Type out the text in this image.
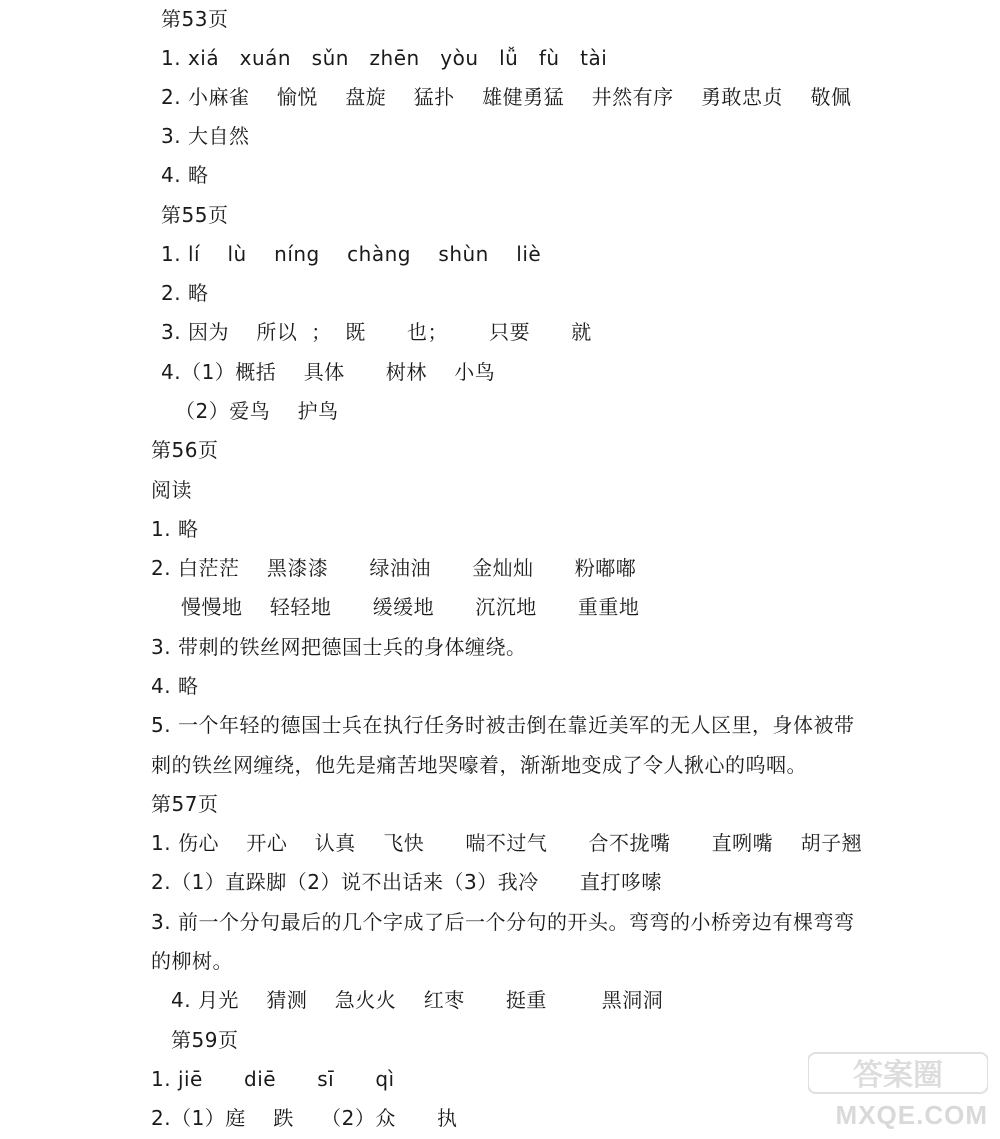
第53页
1. xiá   xuán   sǔn   zhēn   yòu   lǚ   fù   tài
2. 小麻雀    愉悦    盘旋    猛扑    雄健勇猛    井然有序    勇敢忠贞    敬佩
3. 大自然
4. 略
第55页
1. lí    lù    níng    chàng    shùn    liè
2. 略
3. 因为    所以  ；  既      也；      只要      就
4.（1）概括    具体      树林    小鸟
（2）爱鸟    护鸟
第56页
阅读
1. 略
2. 白茫茫    黑漆漆      绿油油      金灿灿      粉嘟嘟
慢慢地    轻轻地      缓缓地      沉沉地      重重地
3. 带刺的铁丝网把德国士兵的身体缠绕。
4. 略
5. 一个年轻的德国士兵在执行任务时被击倒在靠近美军的无人区里，身体被带
刺的铁丝网缠绕，他先是痛苦地哭嚎着，渐渐地变成了令人揪心的呜咽。
第57页
1. 伤心    开心    认真    飞快      喘不过气      合不拢嘴      直咧嘴    胡子翘
2.（1）直跺脚（2）说不出话来（3）我冷      直打哆嗦
3. 前一个分句最后的几个字成了后一个分句的开头。弯弯的小桥旁边有棵弯弯
的柳树。
4. 月光    猜测    急火火    红枣      挺重        黑洞洞
第59页
1. jiē      diē      sī      qì
2.（1）庭    跌    （2）众      执
答案圈
MXQE.COM
